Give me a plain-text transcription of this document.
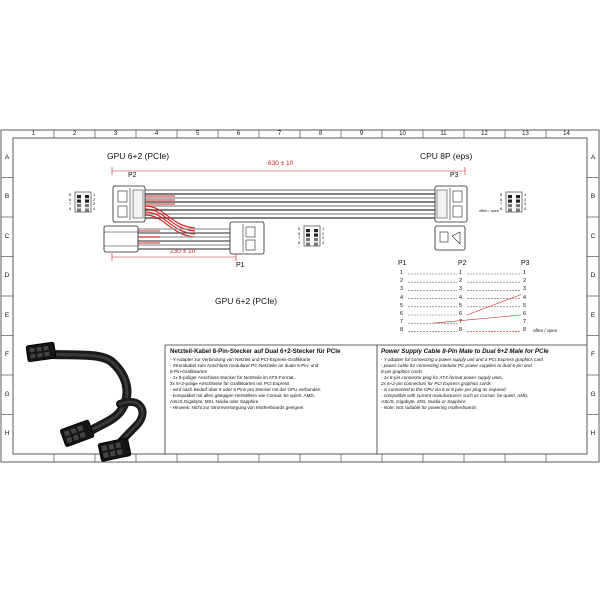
1	2	3	4	5	6	7	8	9	10	11	12	13	14
A	A
B	B
C	C
D	D
E	E
F	F
G	G
H	H
GPU 6+2 (PCIe)	CPU 8P (eps)
P2	P3
P1
GPU 6+2 (PCIe)
630 ± 10
230 ± 10
offen / open
5	1
6	2
7	3
8	4
5	1
6	2
7	3
8	4
5	1
6	2
7	3
8	4
P1	P2	P3
1	1	1
2	2	2
3	3	3
4	4	4
5	5	5
6	6	6
7	7	7
8	8	8 offen / open
Netzteil-Kabel 8-Pin-Stecker auf Dual 6+2-Stecker für PCIe
- Y-Adapter zur Verbindung von Netzteil und PCI-Express-Grafikkarte
- Stromkabel zum Anschluss modularer PC-Netzteile an duale 6-Pin- und
8-Pin-Grafikkarten
- 1x 8-poliger Anschluss-Stecker für Netzteile im ATX-Format,
2x 6+2-polige Anschlüsse für Grafikkarten mit PCI Express
- wird nach Bedarf über 6 oder 8 Pins pro Stecker mit der GPU verbunden
- kompatibel mit allen gängigen Herstellern wie Corsair, be quiet!, AMD,
ASUS,Gigabyte, MSI, Nvidia oder Sapphire
- Hinweis: Nicht zur Stromversorgung von Motherboards geeignet
Power Supply Cable 8-Pin Male to Dual 6+2 Male for PCIe
- Y-adapter for connecting a power supply unit and a PCI Express graphics card
- power cable for connecting modular PC power supplies to dual 6-pin and
8-pin graphics cards
- 1x 8-pin connector plug for ATX-format power supply units,
2x 6+2-pin connectors for PCI Express graphics cards
- is connected to the GPU via 6 or 8 pins per plug as required
- compatible with current manufacturers such as Corsair, be quiet!, AMD,
ASUS, Gigabyte, MSI, Nvidia or Sapphire
- Note: Not suitable for powering motherboards
